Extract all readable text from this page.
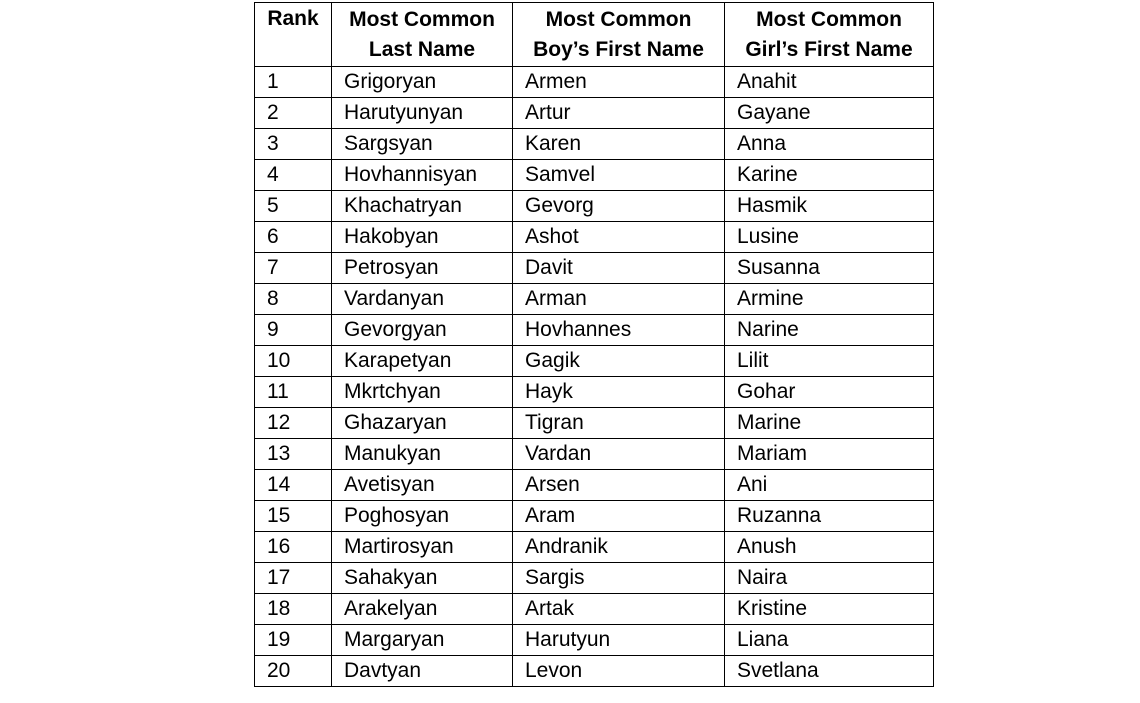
Rank	Most Common Last Name	Most Common Boy’s First Name	Most Common Girl’s First Name
1	Grigoryan	Armen	Anahit
2	Harutyunyan	Artur	Gayane
3	Sargsyan	Karen	Anna
4	Hovhannisyan	Samvel	Karine
5	Khachatryan	Gevorg	Hasmik
6	Hakobyan	Ashot	Lusine
7	Petrosyan	Davit	Susanna
8	Vardanyan	Arman	Armine
9	Gevorgyan	Hovhannes	Narine
10	Karapetyan	Gagik	Lilit
11	Mkrtchyan	Hayk	Gohar
12	Ghazaryan	Tigran	Marine
13	Manukyan	Vardan	Mariam
14	Avetisyan	Arsen	Ani
15	Poghosyan	Aram	Ruzanna
16	Martirosyan	Andranik	Anush
17	Sahakyan	Sargis	Naira
18	Arakelyan	Artak	Kristine
19	Margaryan	Harutyun	Liana
20	Davtyan	Levon	Svetlana
